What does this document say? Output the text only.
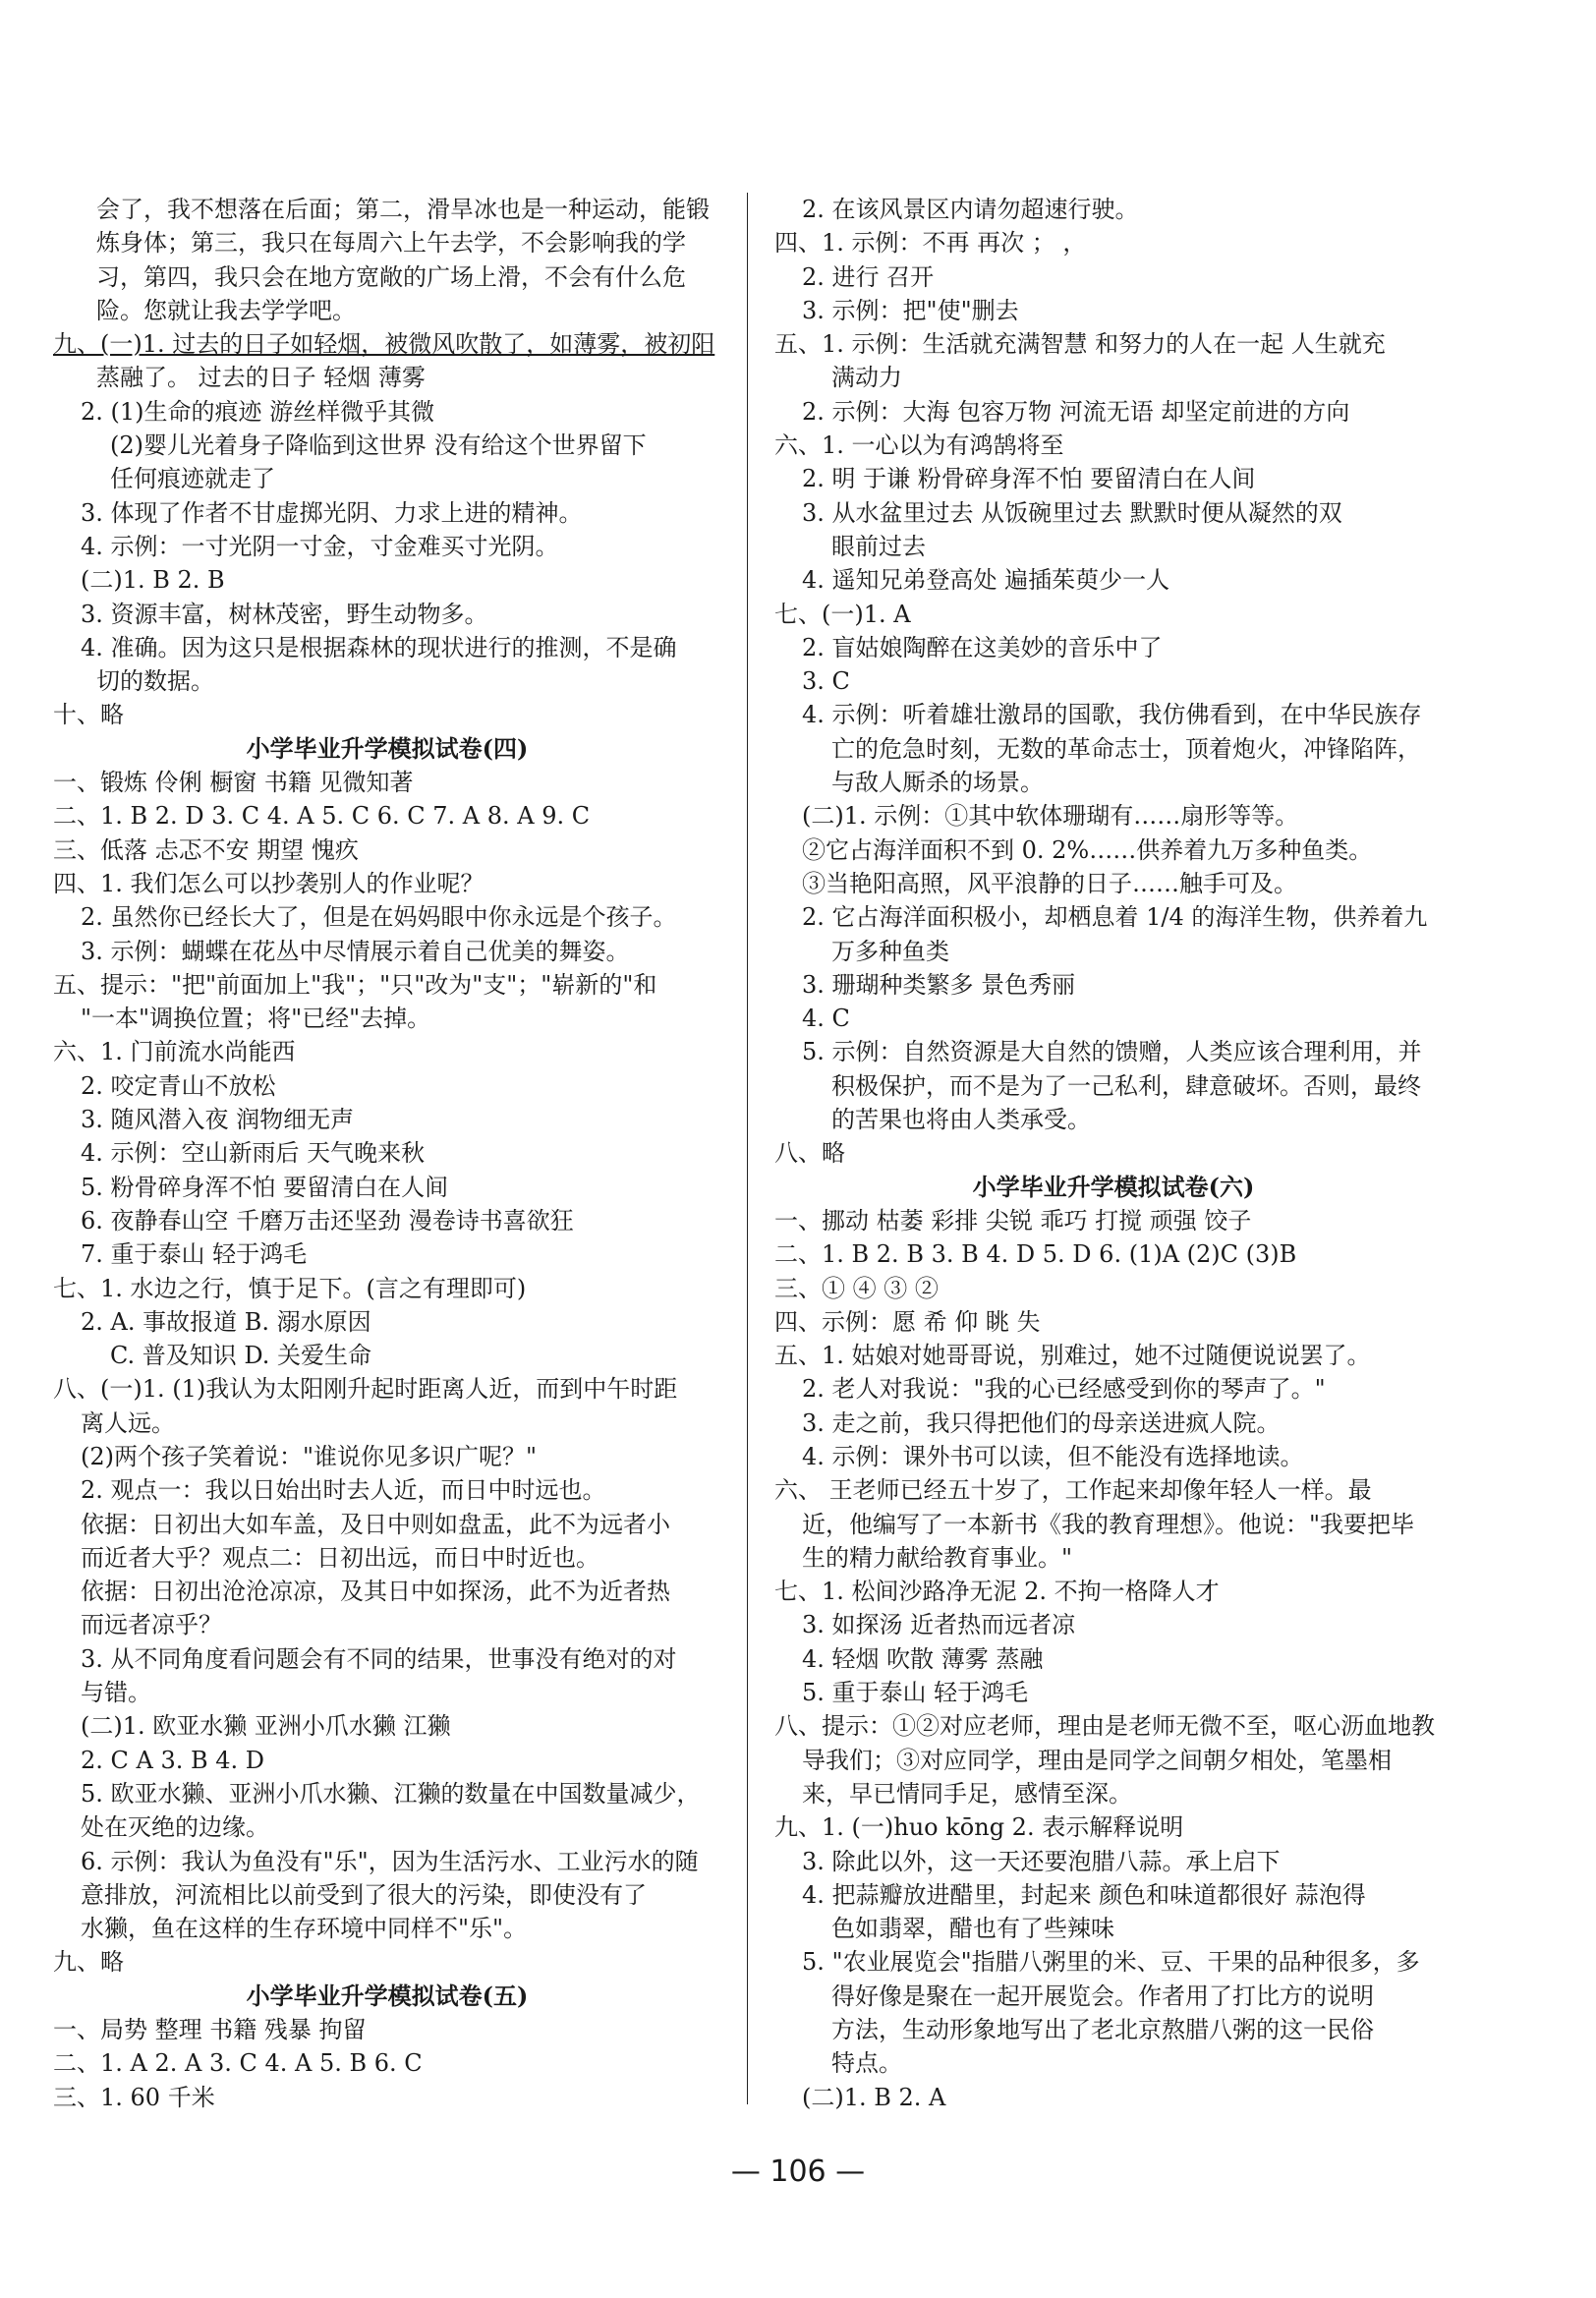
会了，我不想落在后面；第二，滑旱冰也是一种运动，能锻
炼身体；第三，我只在每周六上午去学，不会影响我的学
习，第四，我只会在地方宽敞的广场上滑，不会有什么危
险。您就让我去学学吧。
九、(一)1. 过去的日子如轻烟，被微风吹散了，如薄雾，被初阳
蒸融了。 过去的日子 轻烟 薄雾
2. (1)生命的痕迹 游丝样微乎其微
(2)婴儿光着身子降临到这世界 没有给这个世界留下
任何痕迹就走了
3. 体现了作者不甘虚掷光阴、力求上进的精神。
4. 示例：一寸光阴一寸金，寸金难买寸光阴。
(二)1. B 2. B
3. 资源丰富，树林茂密，野生动物多。
4. 准确。因为这只是根据森林的现状进行的推测，不是确
切的数据。
十、略
小学毕业升学模拟试卷(四)
一、锻炼 伶俐 橱窗 书籍 见微知著
二、1. B 2. D 3. C 4. A 5. C 6. C 7. A 8. A 9. C
三、低落 忐忑不安 期望 愧疚
四、1. 我们怎么可以抄袭别人的作业呢？
2. 虽然你已经长大了，但是在妈妈眼中你永远是个孩子。
3. 示例：蝴蝶在花丛中尽情展示着自己优美的舞姿。
五、提示："把"前面加上"我"；"只"改为"支"；"崭新的"和
"一本"调换位置；将"已经"去掉。
六、1. 门前流水尚能西
2. 咬定青山不放松
3. 随风潜入夜 润物细无声
4. 示例：空山新雨后 天气晚来秋
5. 粉骨碎身浑不怕 要留清白在人间
6. 夜静春山空 千磨万击还坚劲 漫卷诗书喜欲狂
7. 重于泰山 轻于鸿毛
七、1. 水边之行，慎于足下。(言之有理即可)
2. A. 事故报道 B. 溺水原因
C. 普及知识 D. 关爱生命
八、(一)1. (1)我认为太阳刚升起时距离人近，而到中午时距
离人远。
(2)两个孩子笑着说："谁说你见多识广呢？"
2. 观点一：我以日始出时去人近，而日中时远也。
依据：日初出大如车盖，及日中则如盘盂，此不为远者小
而近者大乎？观点二：日初出远，而日中时近也。
依据：日初出沧沧凉凉，及其日中如探汤，此不为近者热
而远者凉乎？
3. 从不同角度看问题会有不同的结果，世事没有绝对的对
与错。
(二)1. 欧亚水獭 亚洲小爪水獭 江獭
2. C A 3. B 4. D
5. 欧亚水獭、亚洲小爪水獭、江獭的数量在中国数量减少，
处在灭绝的边缘。
6. 示例：我认为鱼没有"乐"，因为生活污水、工业污水的随
意排放，河流相比以前受到了很大的污染，即使没有了
水獭，鱼在这样的生存环境中同样不"乐"。
九、略
小学毕业升学模拟试卷(五)
一、局势 整理 书籍 残暴 拘留
二、1. A 2. A 3. C 4. A 5. B 6. C
三、1. 60 千米
2. 在该风景区内请勿超速行驶。
四、1. 示例：不再 再次 ； ，
2. 进行 召开
3. 示例：把"使"删去
五、1. 示例：生活就充满智慧 和努力的人在一起 人生就充
满动力
2. 示例：大海 包容万物 河流无语 却坚定前进的方向
六、1. 一心以为有鸿鹄将至
2. 明 于谦 粉骨碎身浑不怕 要留清白在人间
3. 从水盆里过去 从饭碗里过去 默默时便从凝然的双
眼前过去
4. 遥知兄弟登高处 遍插茱萸少一人
七、(一)1. A
2. 盲姑娘陶醉在这美妙的音乐中了
3. C
4. 示例：听着雄壮激昂的国歌，我仿佛看到，在中华民族存
亡的危急时刻，无数的革命志士，顶着炮火，冲锋陷阵，
与敌人厮杀的场景。
(二)1. 示例：①其中软体珊瑚有……扇形等等。
②它占海洋面积不到 0. 2%……供养着九万多种鱼类。
③当艳阳高照，风平浪静的日子……触手可及。
2. 它占海洋面积极小，却栖息着 1/4 的海洋生物，供养着九
万多种鱼类
3. 珊瑚种类繁多 景色秀丽
4. C
5. 示例：自然资源是大自然的馈赠，人类应该合理利用，并
积极保护，而不是为了一己私利，肆意破坏。否则，最终
的苦果也将由人类承受。
八、略
小学毕业升学模拟试卷(六)
一、挪动 枯萎 彩排 尖锐 乖巧 打搅 顽强 饺子
二、1. B 2. B 3. B 4. D 5. D 6. (1)A (2)C (3)B
三、① ④ ③ ②
四、示例：愿 希 仰 眺 失
五、1. 姑娘对她哥哥说，别难过，她不过随便说说罢了。
2. 老人对我说："我的心已经感受到你的琴声了。"
3. 走之前，我只得把他们的母亲送进疯人院。
4. 示例：课外书可以读，但不能没有选择地读。
六、 王老师已经五十岁了，工作起来却像年轻人一样。最
近，他编写了一本新书《我的教育理想》。他说："我要把毕
生的精力献给教育事业。"
七、1. 松间沙路净无泥 2. 不拘一格降人才
3. 如探汤 近者热而远者凉
4. 轻烟 吹散 薄雾 蒸融
5. 重于泰山 轻于鸿毛
八、提示：①②对应老师，理由是老师无微不至，呕心沥血地教
导我们；③对应同学，理由是同学之间朝夕相处，笔墨相
来，早已情同手足，感情至深。
九、1. (一)huo kōng 2. 表示解释说明
3. 除此以外，这一天还要泡腊八蒜。承上启下
4. 把蒜瓣放进醋里，封起来 颜色和味道都很好 蒜泡得
色如翡翠，醋也有了些辣味
5. "农业展览会"指腊八粥里的米、豆、干果的品种很多，多
得好像是聚在一起开展览会。作者用了打比方的说明
方法，生动形象地写出了老北京熬腊八粥的这一民俗
特点。
(二)1. B 2. A
— 106 —
